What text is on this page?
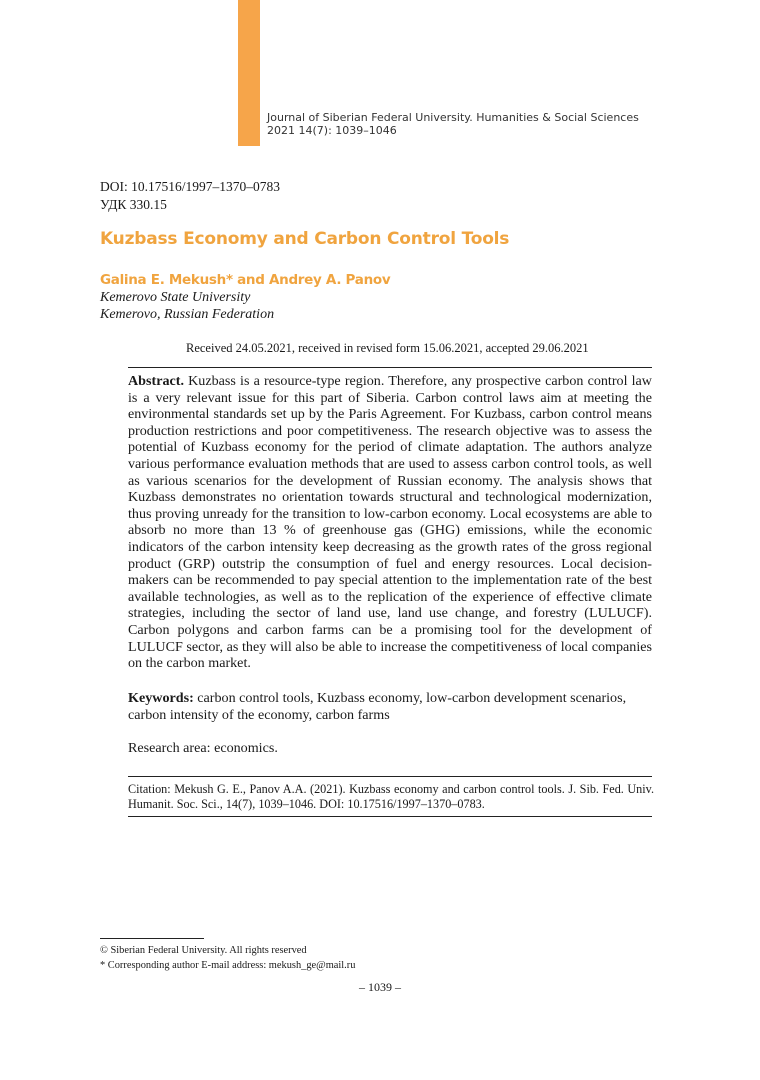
Journal of Siberian Federal University. Humanities & Social Sciences
2021 14(7): 1039–1046
DOI: 10.17516/1997–1370–0783
УДК 330.15
Kuzbass Economy and Carbon Control Tools
Galina E. Mekush* and Andrey A. Panov
Kemerovo State University
Kemerovo, Russian Federation
Received 24.05.2021, received in revised form 15.06.2021, accepted 29.06.2021

Abstract. Kuzbass is a resource-type region. Therefore, any prospective carbon control law is a very relevant issue for this part of Siberia. Carbon control laws aim at meeting the environmental standards set up by the Paris Agreement. For Kuzbass, carbon control means production restrictions and poor competitiveness. The research objective was to assess the potential of Kuzbass economy for the period of climate adaptation. The authors analyze various performance evaluation methods that are used to assess carbon control tools, as well as various scenarios for the development of Russian economy. The analysis shows that Kuzbass demonstrates no orientation towards structural and technological modernization, thus proving unready for the transition to low-carbon economy. Local ecosystems are able to absorb no more than 13 % of greenhouse gas (GHG) emissions, while the economic indicators of the carbon intensity keep decreasing as the growth rates of the gross regional product (GRP) outstrip the consumption of fuel and energy resources. Local decision-makers can be recommended to pay special attention to the implementation rate of the best available technologies, as well as to the replication of the experience of effective climate strategies, including the sector of land use, land use change, and forestry (LULUCF). Carbon polygons and carbon farms can be a promising tool for the development of LULUCF sector, as they will also be able to increase the competitiveness of local companies on the carbon market.

Keywords: carbon control tools, Kuzbass economy, low-carbon development scenarios, carbon intensity of the economy, carbon farms

Research area: economics.

Citation: Mekush G. E., Panov A.A. (2021). Kuzbass economy and carbon control tools. J. Sib. Fed. Univ. Humanit. Soc. Sci., 14(7), 1039–1046. DOI: 10.17516/1997–1370–0783.

© Siberian Federal University. All rights reserved
* Corresponding author E-mail address: mekush_ge@mail.ru
– 1039 –
